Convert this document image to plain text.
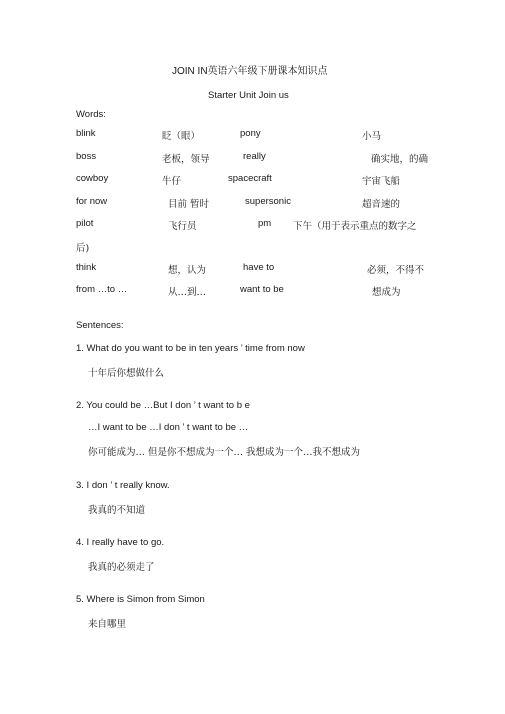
JOIN IN英语六年级下册课本知识点
Starter Unit Join us
Words:
blink	眨（眼）	pony	小马
boss	老板，领导	really	确实地，的确
cowboy	牛仔	spacecraft	宇宙飞船
for now	目前 暂时	supersonic	超音速的
pilot	飞行员	pm 下午（用于表示重点的数字之
后)
think	想，认为	have to	必须，不得不
from …to …	从…到…	want to be	想成为
Sentences:
1. What do you want to be in ten years ’ time from now
十年后你想做什么
2. You could be …But I don ’ t want to b e
…I want to be …I don ’ t want to be …
你可能成为… 但是你不想成为一个… 我想成为一个…我不想成为
3. I don ’ t really know.
我真的不知道
4. I really have to go.
我真的必须走了
5. Where is Simon from Simon
来自哪里
